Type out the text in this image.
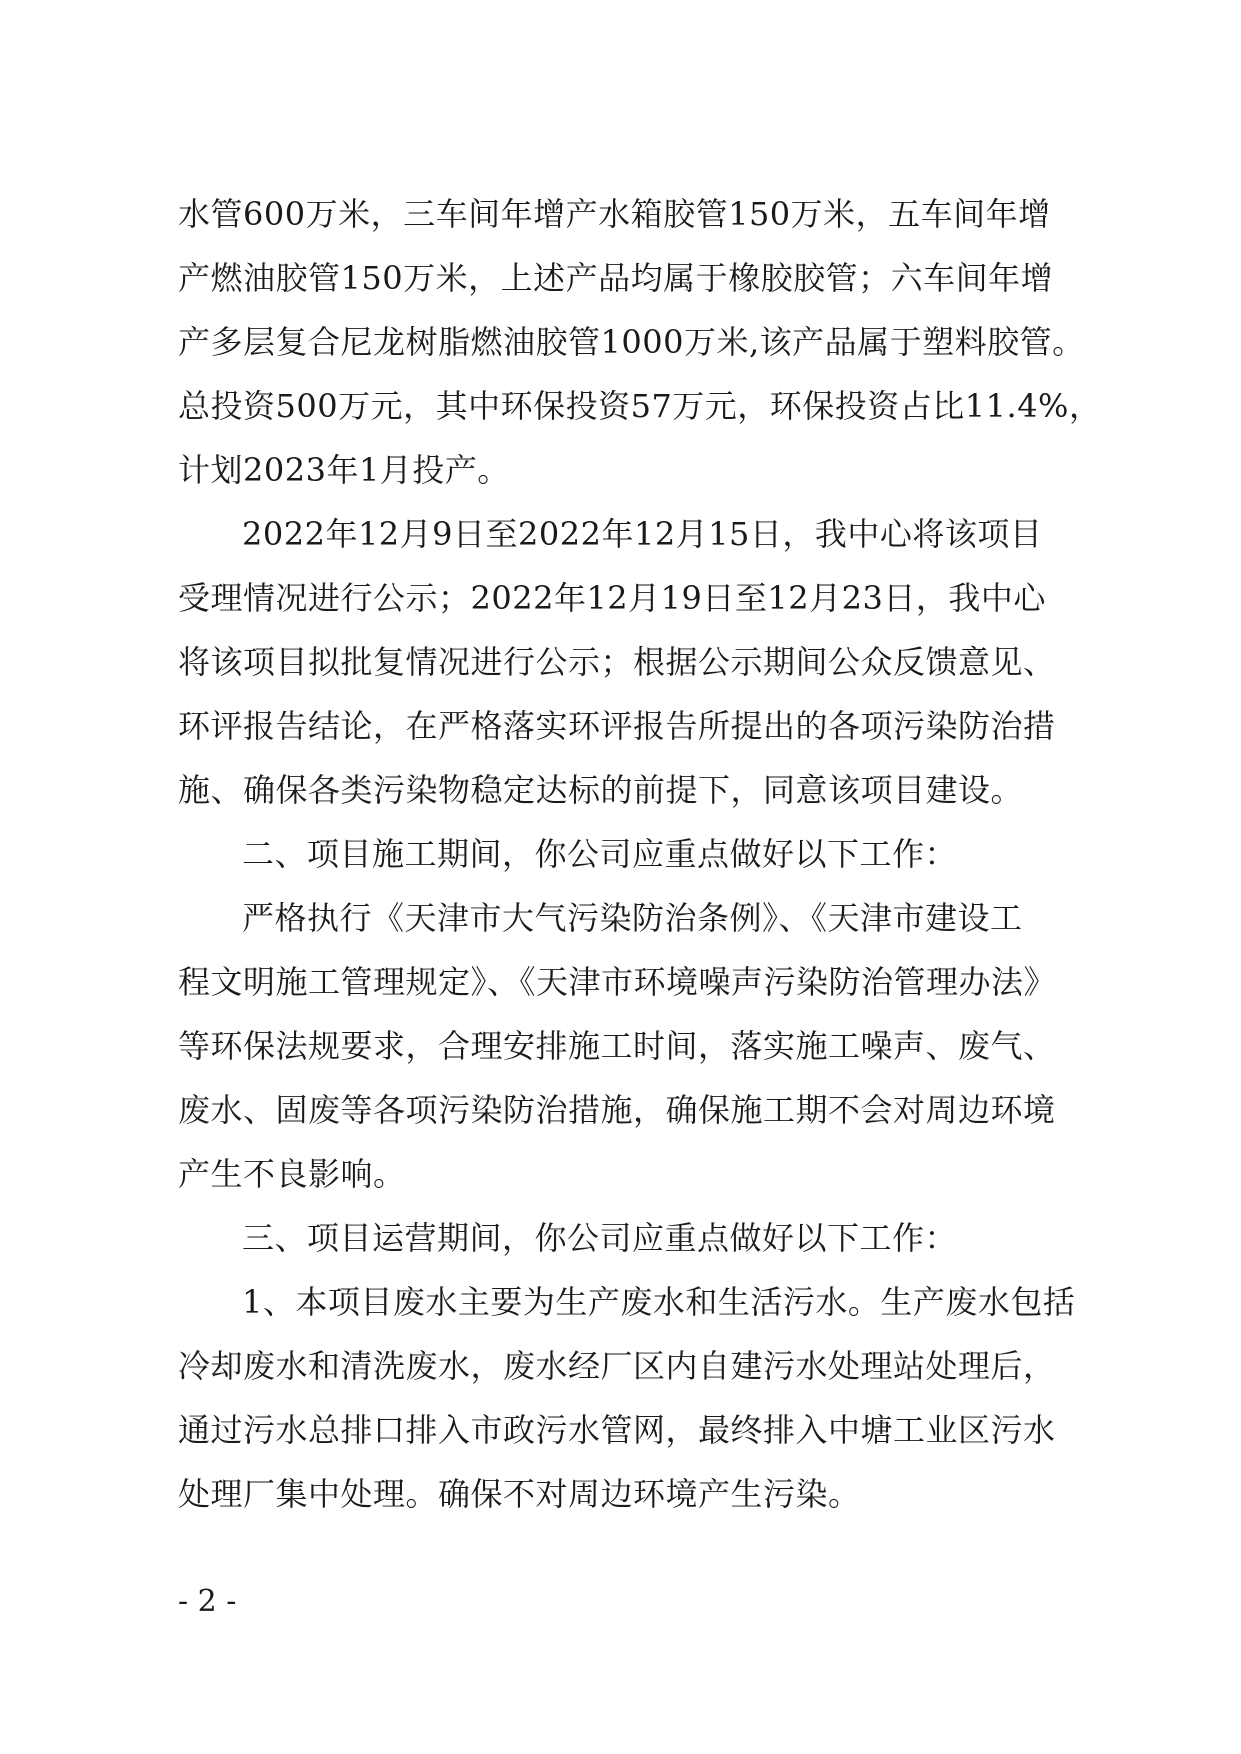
水管600万米，三车间年增产水箱胶管150万米，五车间年增
产燃油胶管150万米，上述产品均属于橡胶胶管；六车间年增
产多层复合尼龙树脂燃油胶管1000万米,该产品属于塑料胶管。
总投资500万元，其中环保投资57万元，环保投资占比11.4%，
计划2023年1月投产。
2022年12月9日至2022年12月15日，我中心将该项目
受理情况进行公示；2022年12月19日至12月23日，我中心
将该项目拟批复情况进行公示；根据公示期间公众反馈意见、
环评报告结论，在严格落实环评报告所提出的各项污染防治措
施、确保各类污染物稳定达标的前提下，同意该项目建设。
二、项目施工期间，你公司应重点做好以下工作：
严格执行《天津市大气污染防治条例》、《天津市建设工
程文明施工管理规定》、《天津市环境噪声污染防治管理办法》
等环保法规要求，合理安排施工时间，落实施工噪声、废气、
废水、固废等各项污染防治措施，确保施工期不会对周边环境
产生不良影响。
三、项目运营期间，你公司应重点做好以下工作：
1、本项目废水主要为生产废水和生活污水。生产废水包括
冷却废水和清洗废水，废水经厂区内自建污水处理站处理后，
通过污水总排口排入市政污水管网，最终排入中塘工业区污水
处理厂集中处理。确保不对周边环境产生污染。
- 2 -
